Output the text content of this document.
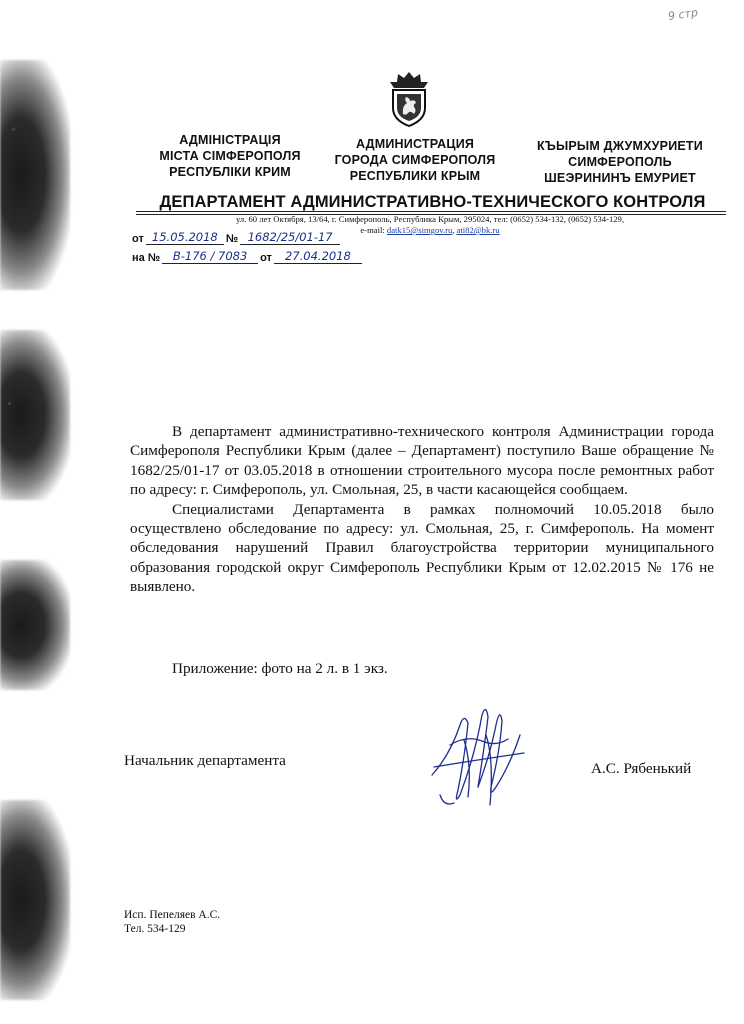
9 стр
АДМІНІСТРАЦІЯ
МІСТА СІМФЕРОПОЛЯ
РЕСПУБЛІКИ КРИМ
АДМИНИСТРАЦИЯ
ГОРОДА СИМФЕРОПОЛЯ
РЕСПУБЛИКИ КРЫМ
КЪЫРЫМ ДЖУМХУРИЕТИ
СИМФЕРОПОЛЬ
ШЕЭРИНИНЪ ЕМУРИЕТ
ДЕПАРТАМЕНТ АДМИНИСТРАТИВНО-ТЕХНИЧЕСКОГО КОНТРОЛЯ
ул. 60 лет Октября, 13/64, г. Симферополь, Республика Крым, 295024, тел: (0652) 534-132, (0652) 534-129,
e-mail: datk15@simgov.ru, ati82@bk.ru
от 15.05.2018 № 1682/25/01-17
на №	В-176 / 7083	от	27.04.2018

В департамент административно-технического контроля Администрации города Симферополя Республики Крым (далее – Департамент) поступило Ваше обращение № 1682/25/01-17 от 03.05.2018 в отношении строительного мусора после ремонтных работ по адресу: г. Симферополь, ул. Смольная, 25, в части касающейся сообщаем.

Специалистами Департамента в рамках полномочий 10.05.2018 было осуществлено обследование по адресу: ул. Смольная, 25, г. Симферополь. На момент обследования нарушений Правил благоустройства территории муниципального образования городской округ Симферополь Республики Крым от 12.02.2015 № 176 не выявлено.

Приложение: фото на 2 л. в 1 экз.
Начальник департамента	А.С. Рябенький
Исп. Пепеляев А.С.
Тел. 534-129
